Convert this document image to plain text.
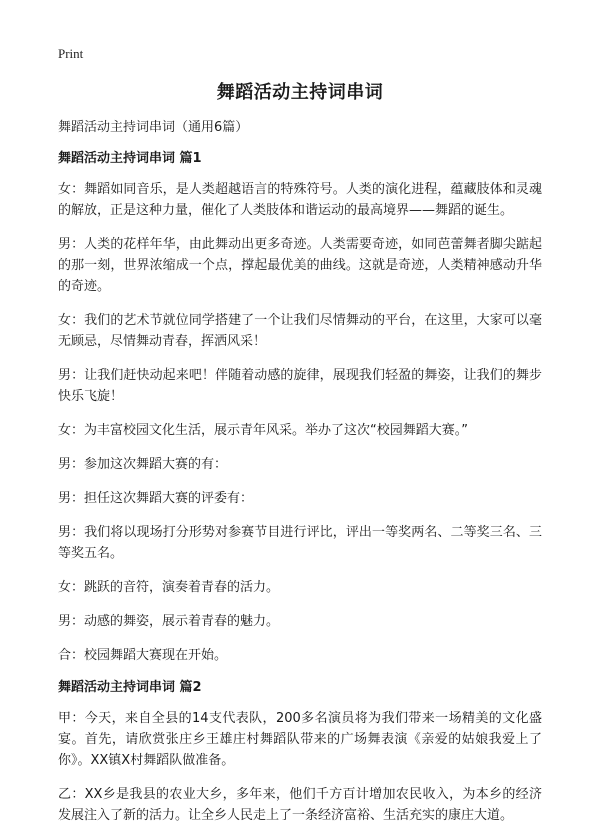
Print
舞蹈活动主持词串词
舞蹈活动主持词串词（通用6篇）
舞蹈活动主持词串词 篇1

女：舞蹈如同音乐，是人类超越语言的特殊符号。人类的演化进程，蕴藏肢体和灵魂的解放，正是这种力量，催化了人类肢体和谐运动的最高境界——舞蹈的诞生。

男：人类的花样年华，由此舞动出更多奇迹。人类需要奇迹，如同芭蕾舞者脚尖踮起的那一刻，世界浓缩成一个点，撑起最优美的曲线。这就是奇迹，人类精神感动升华的奇迹。

女：我们的艺术节就位同学搭建了一个让我们尽情舞动的平台，在这里，大家可以毫无顾忌，尽情舞动青春，挥洒风采！

男：让我们赶快动起来吧！伴随着动感的旋律，展现我们轻盈的舞姿，让我们的舞步快乐飞旋！

女：为丰富校园文化生活，展示青年风采。举办了这次“校园舞蹈大赛。”

男：参加这次舞蹈大赛的有：

男：担任这次舞蹈大赛的评委有：

男：我们将以现场打分形势对参赛节目进行评比，评出一等奖两名、二等奖三名、三等奖五名。

女：跳跃的音符，演奏着青春的活力。

男：动感的舞姿，展示着青春的魅力。

合：校园舞蹈大赛现在开始。

舞蹈活动主持词串词 篇2

甲：今天，来自全县的14支代表队，200多名演员将为我们带来一场精美的文化盛宴。首先，请欣赏张庄乡王雄庄村舞蹈队带来的广场舞表演《亲爱的姑娘我爱上了你》。XX镇X村舞蹈队做准备。

乙：XX乡是我县的农业大乡，多年来，他们千方百计增加农民收入，为本乡的经济发展注入了新的活力。让全乡人民走上了一条经济富裕、生活充实的康庄大道。
